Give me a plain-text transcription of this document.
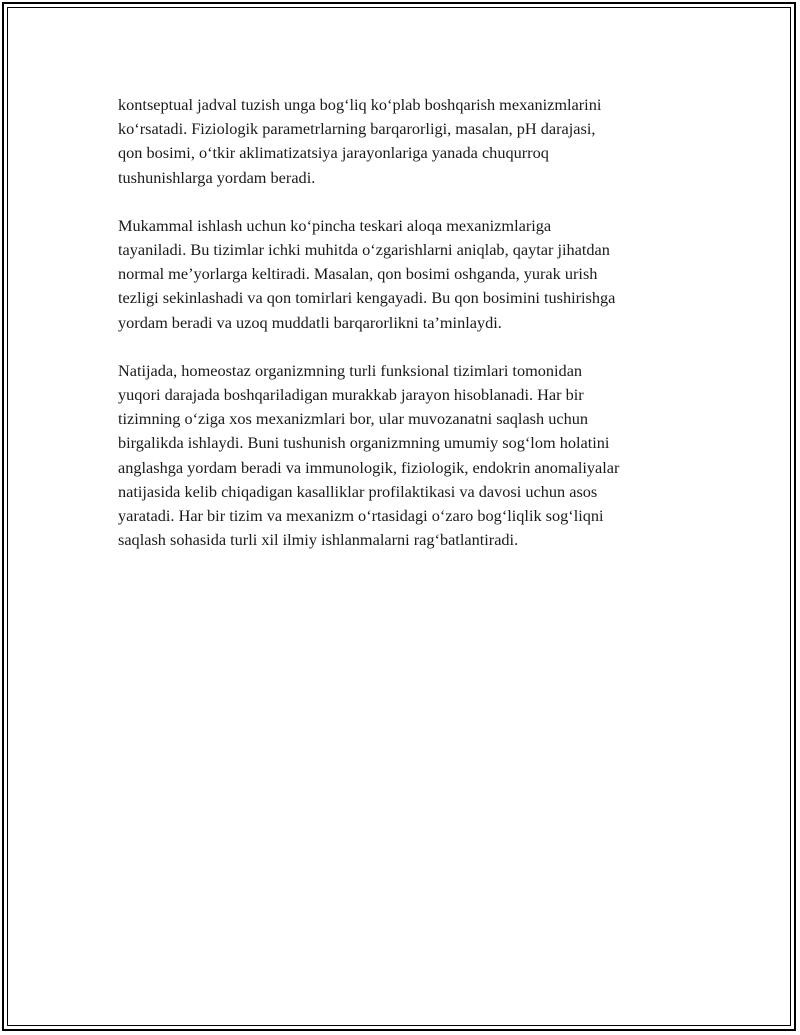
kontseptual jadval tuzish unga bog‘liq ko‘plab boshqarish mexanizmlarini
ko‘rsatadi. Fiziologik parametrlarning barqarorligi, masalan, pH darajasi,
qon bosimi, o‘tkir aklimatizatsiya jarayonlariga yanada chuqurroq
tushunishlarga yordam beradi.

Mukammal ishlash uchun ko‘pincha teskari aloqa mexanizmlariga
tayaniladi. Bu tizimlar ichki muhitda o‘zgarishlarni aniqlab, qaytar jihatdan
normal me’yorlarga keltiradi. Masalan, qon bosimi oshganda, yurak urish
tezligi sekinlashadi va qon tomirlari kengayadi. Bu qon bosimini tushirishga
yordam beradi va uzoq muddatli barqarorlikni ta’minlaydi.

Natijada, homeostaz organizmning turli funksional tizimlari tomonidan
yuqori darajada boshqariladigan murakkab jarayon hisoblanadi. Har bir
tizimning o‘ziga xos mexanizmlari bor, ular muvozanatni saqlash uchun
birgalikda ishlaydi. Buni tushunish organizmning umumiy sog‘lom holatini
anglashga yordam beradi va immunologik, fiziologik, endokrin anomaliyalar
natijasida kelib chiqadigan kasalliklar profilaktikasi va davosi uchun asos
yaratadi. Har bir tizim va mexanizm o‘rtasidagi o‘zaro bog‘liqlik sog‘liqni
saqlash sohasida turli xil ilmiy ishlanmalarni rag‘batlantiradi.
